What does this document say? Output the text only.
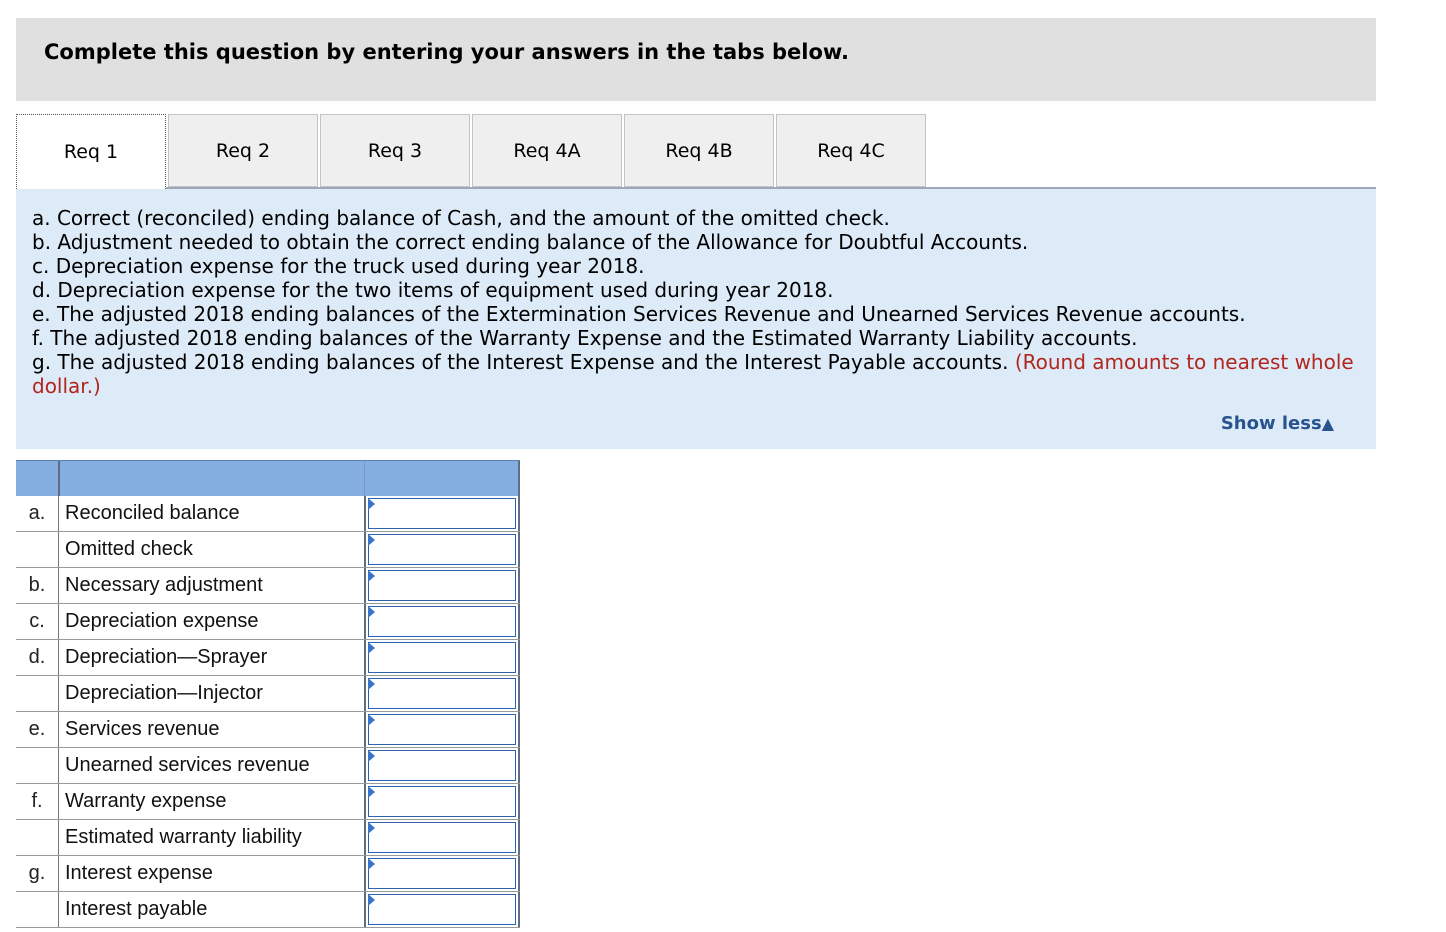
Complete this question by entering your answers in the tabs below.
Req 1	Req 2	Req 3	Req 4A	Req 4B	Req 4C
a. Correct (reconciled) ending balance of Cash, and the amount of the omitted check.
b. Adjustment needed to obtain the correct ending balance of the Allowance for Doubtful Accounts.
c. Depreciation expense for the truck used during year 2018.
d. Depreciation expense for the two items of equipment used during year 2018.
e. The adjusted 2018 ending balances of the Extermination Services Revenue and Unearned Services Revenue accounts.
f. The adjusted 2018 ending balances of the Warranty Expense and the Estimated Warranty Liability accounts.
g. The adjusted 2018 ending balances of the Interest Expense and the Interest Payable accounts. (Round amounts to nearest whole dollar.)
Show less▲
a. Reconciled balance
Omitted check
b. Necessary adjustment
c.	Depreciation expense
d. Depreciation—Sprayer
Depreciation—Injector
e. Services revenue
Unearned services revenue
f.	Warranty expense
Estimated warranty liability
g. Interest expense
Interest payable
